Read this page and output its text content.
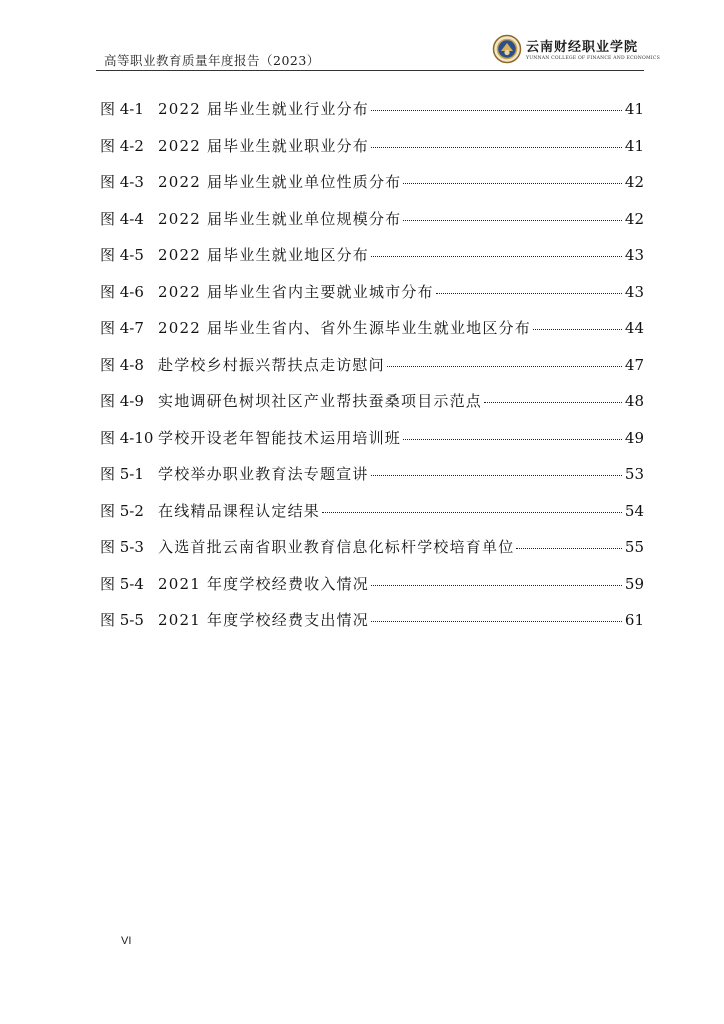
高等职业教育质量年度报告（2023）
云南财经职业学院
YUNNAN COLLEGE OF FINANCE AND ECONOMICS
图 4-1 2022 届毕业生就业行业分布	41
图 4-2 2022 届毕业生就业职业分布	41
图 4-3 2022 届毕业生就业单位性质分布	42
图 4-4 2022 届毕业生就业单位规模分布	42
图 4-5 2022 届毕业生就业地区分布	43
图 4-6 2022 届毕业生省内主要就业城市分布	43
图 4-7 2022 届毕业生省内、省外生源毕业生就业地区分布	44
图 4-8 赴学校乡村振兴帮扶点走访慰问	47
图 4-9 实地调研色树坝社区产业帮扶蚕桑项目示范点	48
图 4-10 学校开设老年智能技术运用培训班	49
图 5-1 学校举办职业教育法专题宣讲	53
图 5-2 在线精品课程认定结果	54
图 5-3 入选首批云南省职业教育信息化标杆学校培育单位	55
图 5-4 2021 年度学校经费收入情况	59
图 5-5 2021 年度学校经费支出情况	61
VI
